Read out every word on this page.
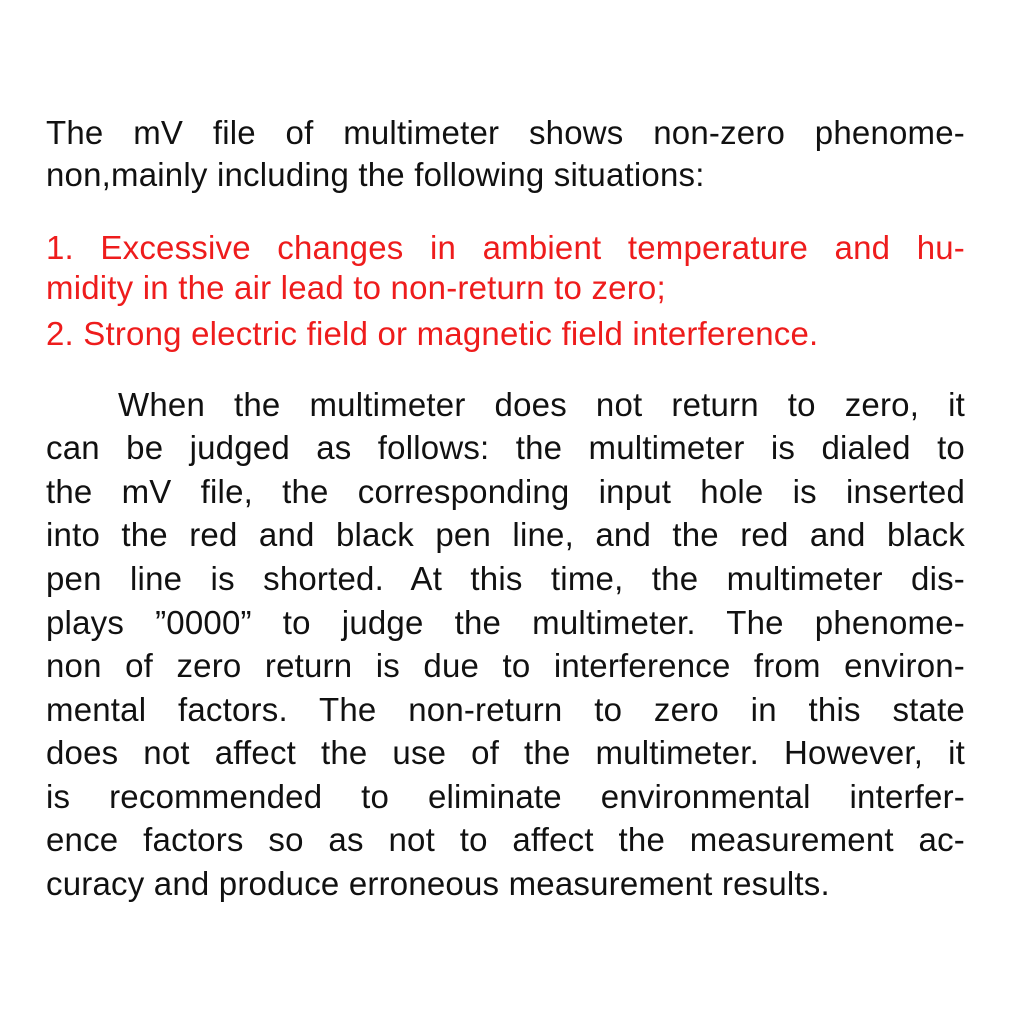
The mV file of multimeter shows non-zero phenome-
non,mainly including the following situations:
1. Excessive changes in ambient temperature and hu-
midity in the air lead to non-return to zero;
2. Strong electric field or magnetic field interference.
When the multimeter does not return to zero, it
can be judged as follows: the multimeter is dialed to
the mV file, the corresponding input hole is inserted
into the red and black pen line, and the red and black
pen line is shorted. At this time, the multimeter dis-
plays ”0000” to judge the multimeter. The phenome-
non of zero return is due to interference from environ-
mental factors. The non-return to zero in this state
does not affect the use of the multimeter. However, it
is recommended to eliminate environmental interfer-
ence factors so as not to affect the measurement ac-
curacy and produce erroneous measurement results.
